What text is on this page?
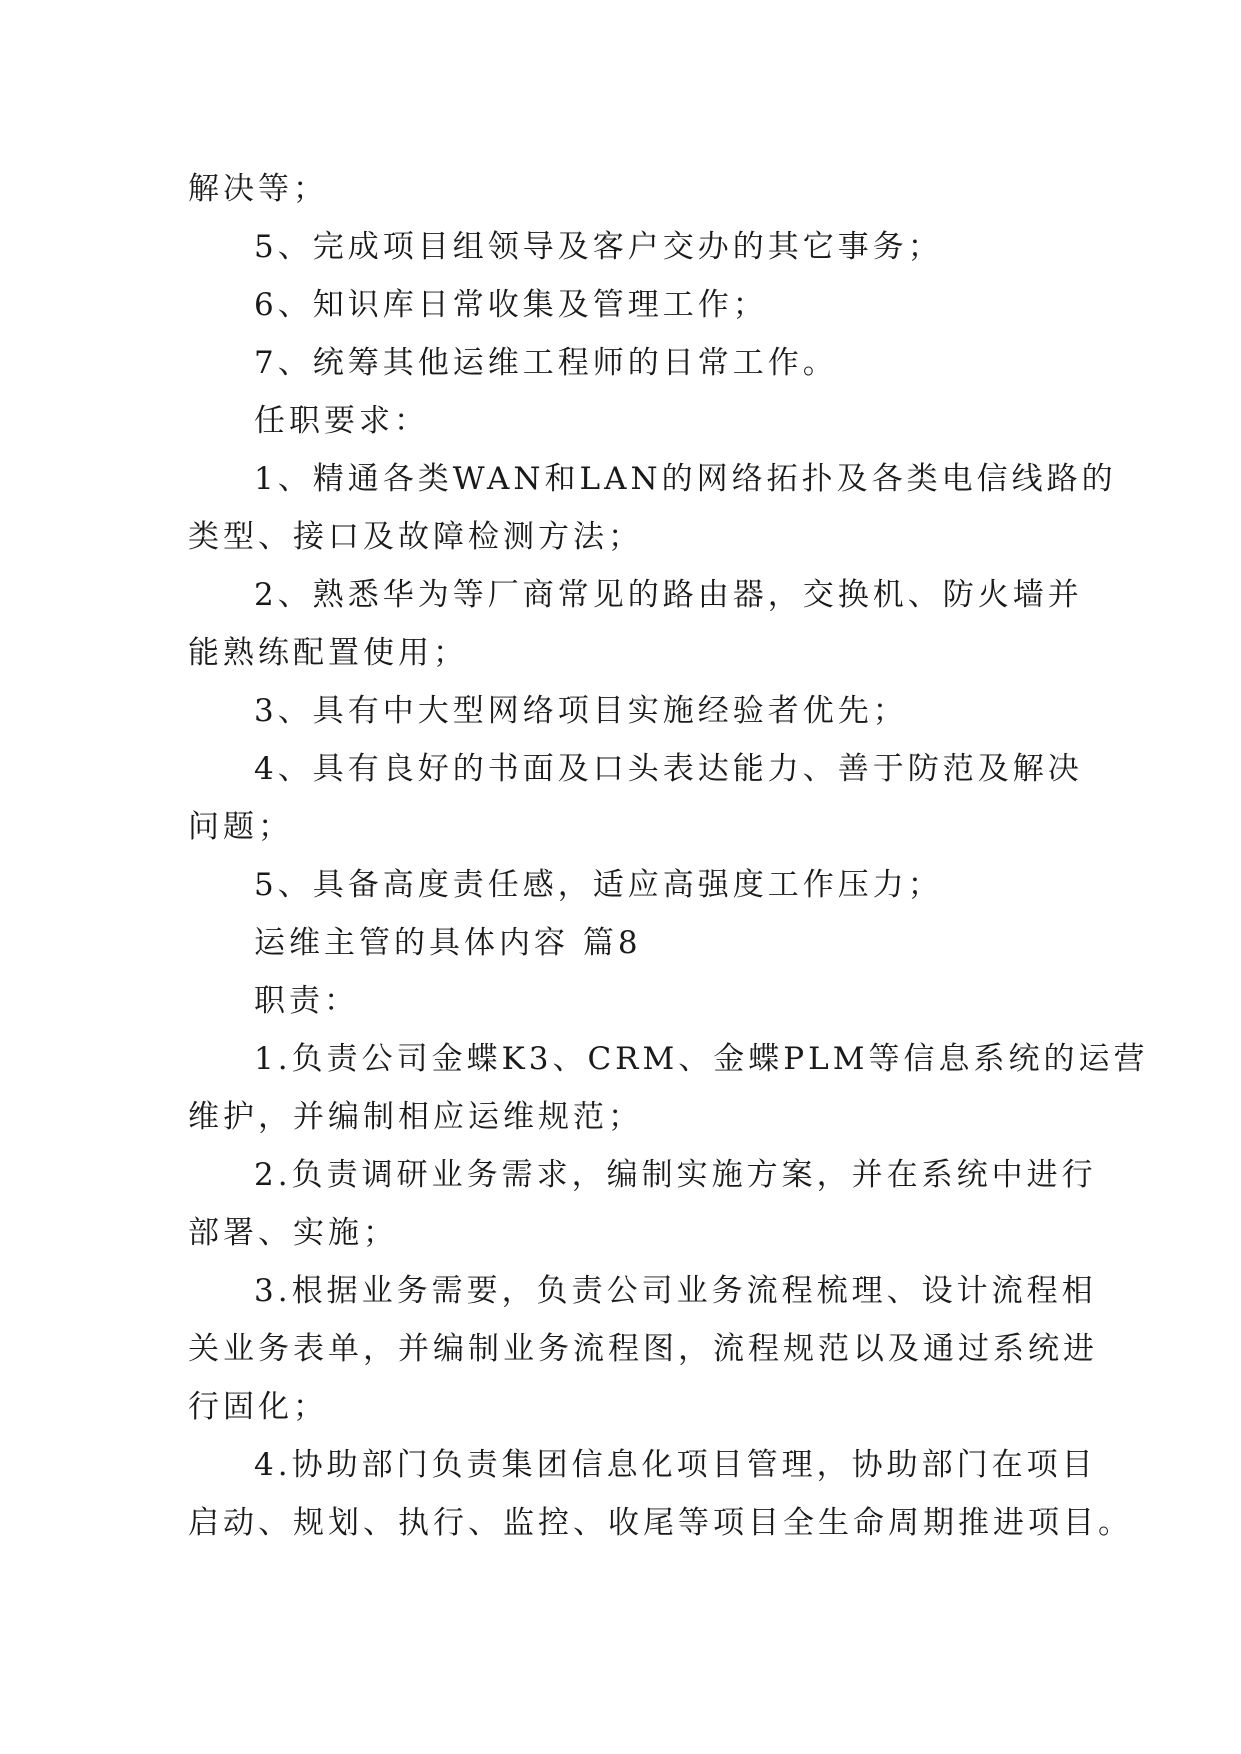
解决等；

5、完成项目组领导及客户交办的其它事务；

6、知识库日常收集及管理工作；

7、统筹其他运维工程师的日常工作。

任职要求：

1、精通各类WAN和LAN的网络拓扑及各类电信线路的

类型、接口及故障检测方法；

2、熟悉华为等厂商常见的路由器，交换机、防火墙并

能熟练配置使用；

3、具有中大型网络项目实施经验者优先；

4、具有良好的书面及口头表达能力、善于防范及解决

问题；

5、具备高度责任感，适应高强度工作压力；

运维主管的具体内容 篇8

职责：

1.负责公司金蝶K3、CRM、金蝶PLM等信息系统的运营

维护，并编制相应运维规范；

2.负责调研业务需求，编制实施方案，并在系统中进行

部署、实施；

3.根据业务需要，负责公司业务流程梳理、设计流程相

关业务表单，并编制业务流程图，流程规范以及通过系统进

行固化；

4.协助部门负责集团信息化项目管理，协助部门在项目

启动、规划、执行、监控、收尾等项目全生命周期推进项目。
